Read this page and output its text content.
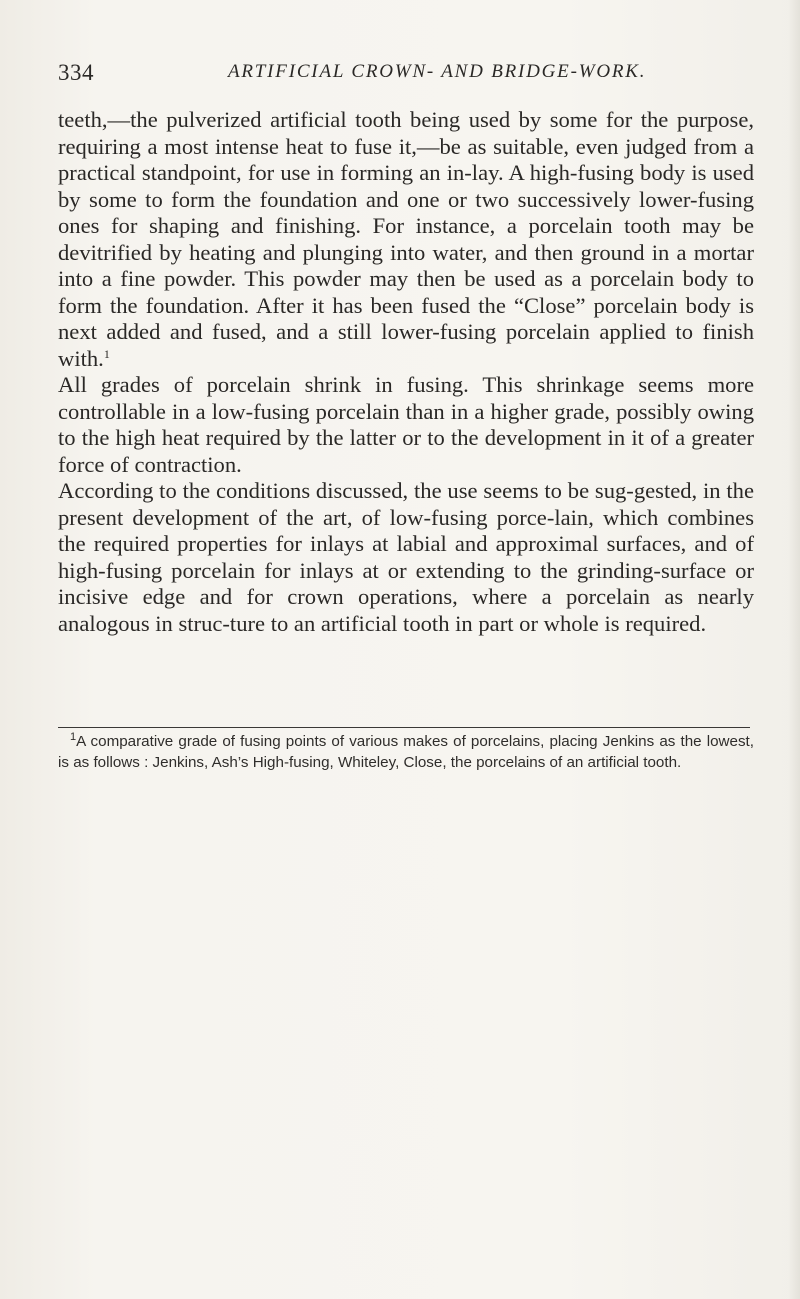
334	ARTIFICIAL CROWN- AND BRIDGE-WORK.

teeth,—the pulverized artificial tooth being used by some for the purpose, requiring a most intense heat to fuse it,—be as suitable, even judged from a practical standpoint, for use in forming an in-lay. A high-fusing body is used by some to form the foundation and one or two successively lower-fusing ones for shaping and finishing. For instance, a porcelain tooth may be devitrified by heating and plunging into water, and then ground in a mortar into a fine powder. This powder may then be used as a porcelain body to form the foundation. After it has been fused the “Close” porcelain body is next added and fused, and a still lower-fusing porcelain applied to finish with.$^1$

All grades of porcelain shrink in fusing. This shrinkage seems more controllable in a low-fusing porcelain than in a higher grade, possibly owing to the high heat required by the latter or to the development in it of a greater force of contraction.

According to the conditions discussed, the use seems to be sug-gested, in the present development of the art, of low-fusing porce-lain, which combines the required properties for inlays at labial and approximal surfaces, and of high-fusing porcelain for inlays at or extending to the grinding-surface or incisive edge and for crown operations, where a porcelain as nearly analogous in struc-ture to an artificial tooth in part or whole is required.

$^1$A comparative grade of fusing points of various makes of porcelains, placing Jenkins as the lowest, is as follows : Jenkins, Ash’s High-fusing, Whiteley, Close, the porcelains of an artificial tooth.
